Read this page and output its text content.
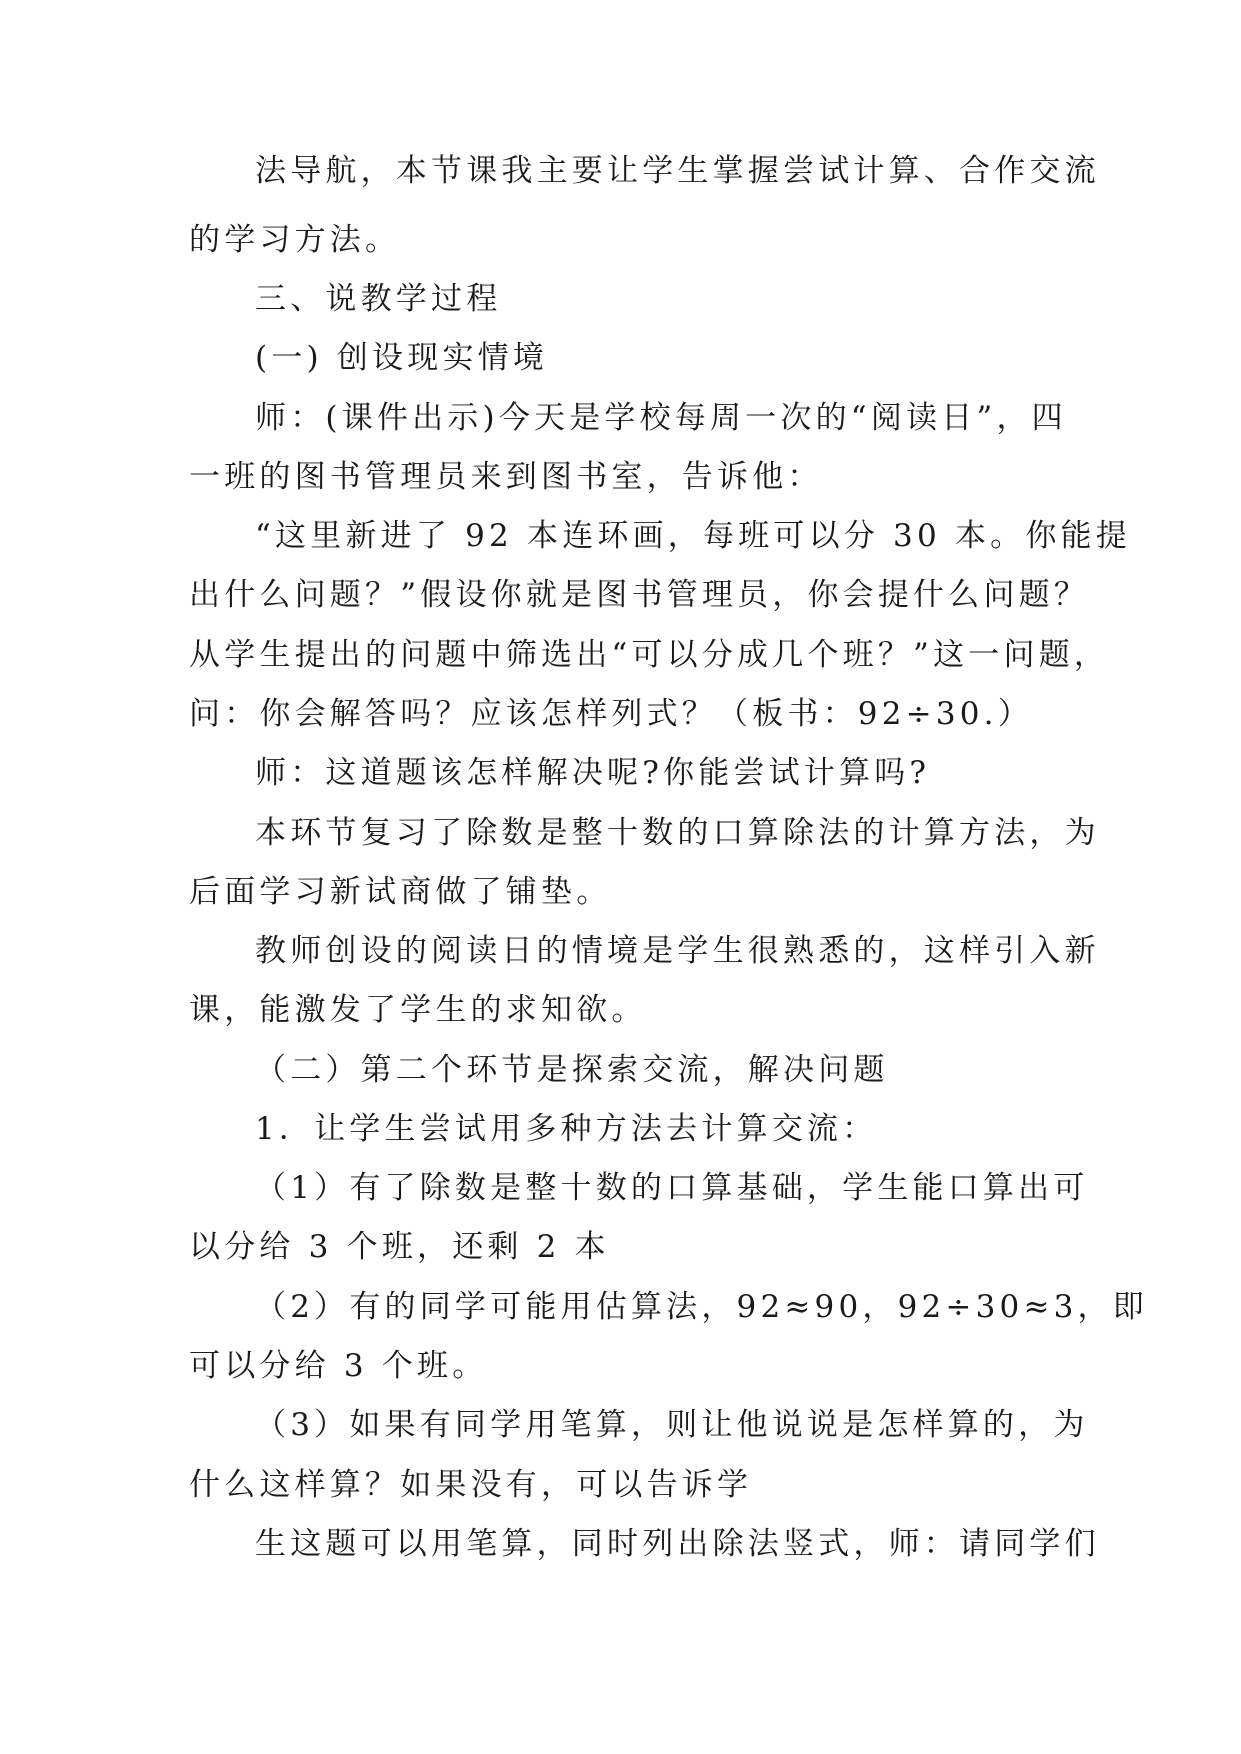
法导航，本节课我主要让学生掌握尝试计算、合作交流
的学习方法。
三、说教学过程
(一) 创设现实情境
师：(课件出示)今天是学校每周一次的“阅读日”，四
一班的图书管理员来到图书室，告诉他：
“这里新进了 92 本连环画，每班可以分 30 本。你能提
出什么问题？”假设你就是图书管理员，你会提什么问题？
从学生提出的问题中筛选出“可以分成几个班？”这一问题，
问：你会解答吗？应该怎样列式？（板书：92÷30.）
师：这道题该怎样解决呢?你能尝试计算吗?
本环节复习了除数是整十数的口算除法的计算方法，为
后面学习新试商做了铺垫。
教师创设的阅读日的情境是学生很熟悉的，这样引入新
课，能激发了学生的求知欲。
（二）第二个环节是探索交流，解决问题
1．让学生尝试用多种方法去计算交流：
（1）有了除数是整十数的口算基础，学生能口算出可
以分给 3 个班，还剩 2 本
（2）有的同学可能用估算法，92≈90，92÷30≈3，即
可以分给 3 个班。
（3）如果有同学用笔算，则让他说说是怎样算的，为
什么这样算？如果没有，可以告诉学
生这题可以用笔算，同时列出除法竖式，师：请同学们
